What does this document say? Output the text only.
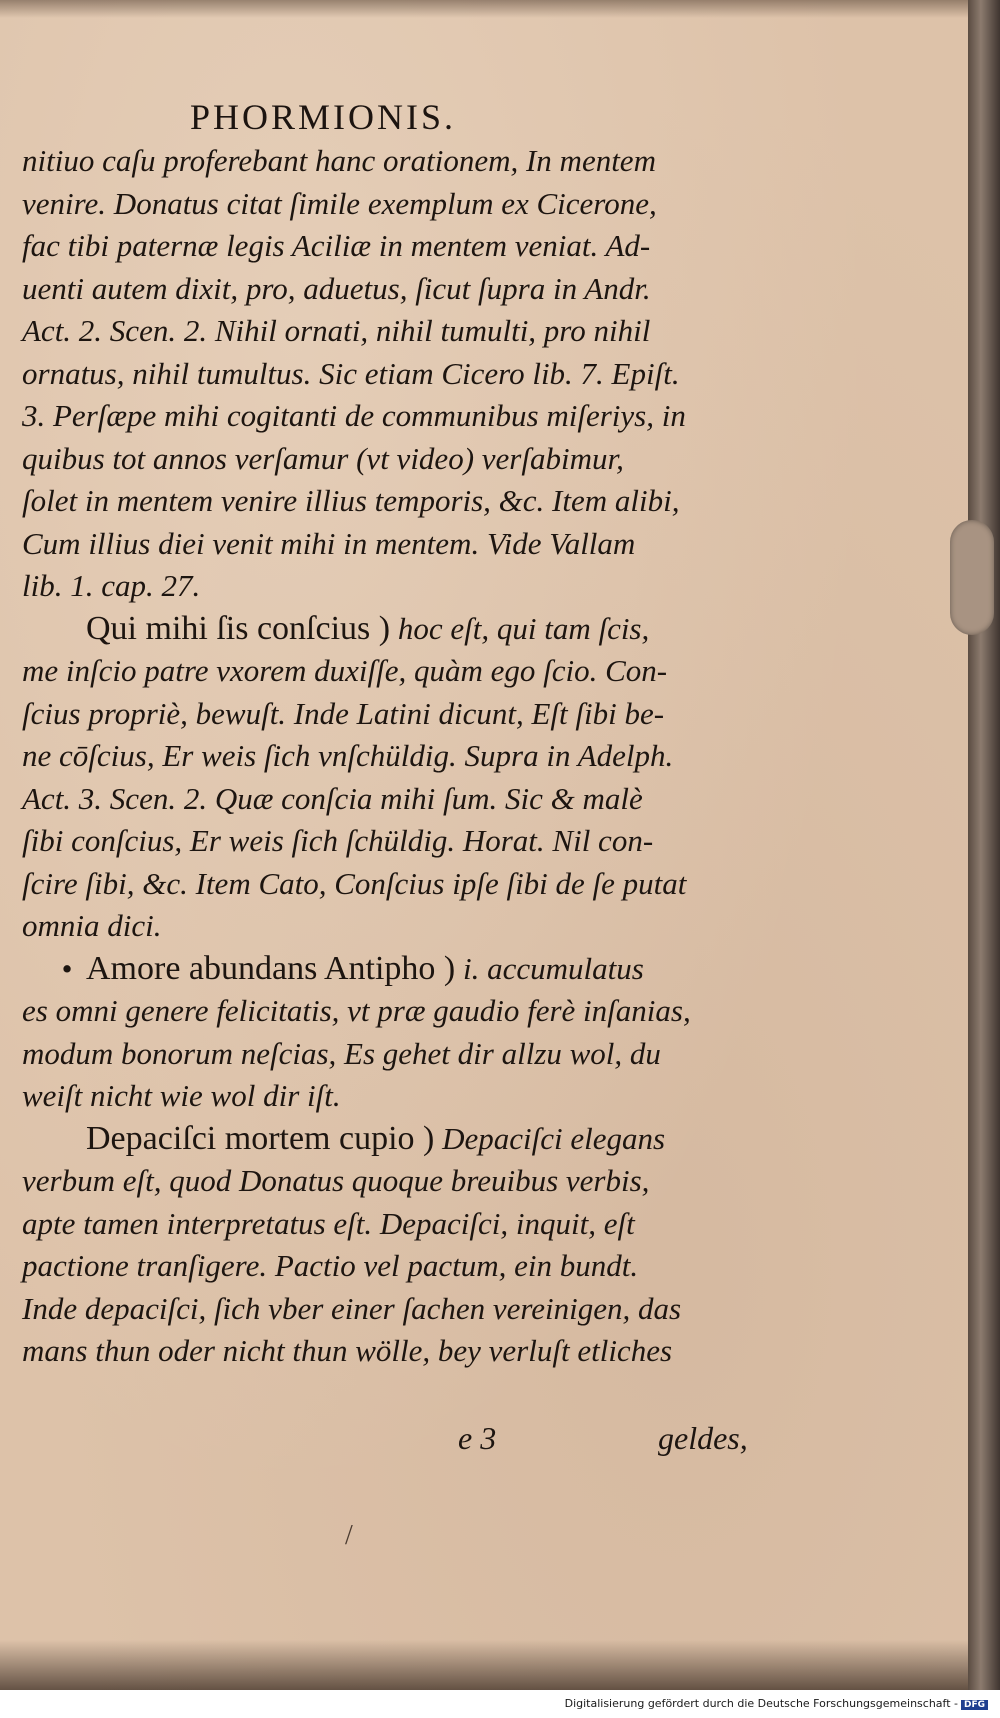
PHORMIONIS.
nitiuo caſu proferebant hanc orationem, In mentem
venire. Donatus citat ſimile exemplum ex Cicerone,
fac tibi paternæ legis Aciliæ in mentem veniat. Ad-
uenti autem dixit, pro, aduetus, ſicut ſupra in Andr.
Act. 2. Scen. 2. Nihil ornati, nihil tumulti, pro nihil
ornatus, nihil tumultus. Sic etiam Cicero lib. 7. Epiſt.
3. Perſæpe mihi cogitanti de communibus miſeriys, in
quibus tot annos verſamur (vt video) verſabimur,
ſolet in mentem venire illius temporis, &c. Item alibi,
Cum illius diei venit mihi in mentem. Vide Vallam
lib. 1. cap. 27.
Qui mihi ſis conſcius ) hoc eſt, qui tam ſcis,
me inſcio patre vxorem duxiſſe, quàm ego ſcio. Con-
ſcius propriè, bewuſt. Inde Latini dicunt, Eſt ſibi be-
ne cōſcius, Er weis ſich vnſchüldig. Supra in Adelph.
Act. 3. Scen. 2. Quæ conſcia mihi ſum. Sic & malè
ſibi conſcius, Er weis ſich ſchüldig. Horat. Nil con-
ſcire ſibi, &c. Item Cato, Conſcius ipſe ſibi de ſe putat
omnia dici.
• Amore abundans Antipho ) i. accumulatus
es omni genere felicitatis, vt præ gaudio ferè inſanias,
modum bonorum neſcias, Es gehet dir allzu wol, du
weiſt nicht wie wol dir iſt.
Depaciſci mortem cupio ) Depaciſci elegans
verbum eſt, quod Donatus quoque breuibus verbis,
apte tamen interpretatus eſt. Depaciſci, inquit, eſt
pactione tranſigere. Pactio vel pactum, ein bundt.
Inde depaciſci, ſich vber einer ſachen vereinigen, das
mans thun oder nicht thun wölle, bey verluſt etliches
e 3	geldes,
/
Digitalisierung gefördert durch die Deutsche Forschungsgemeinschaft - DFG
